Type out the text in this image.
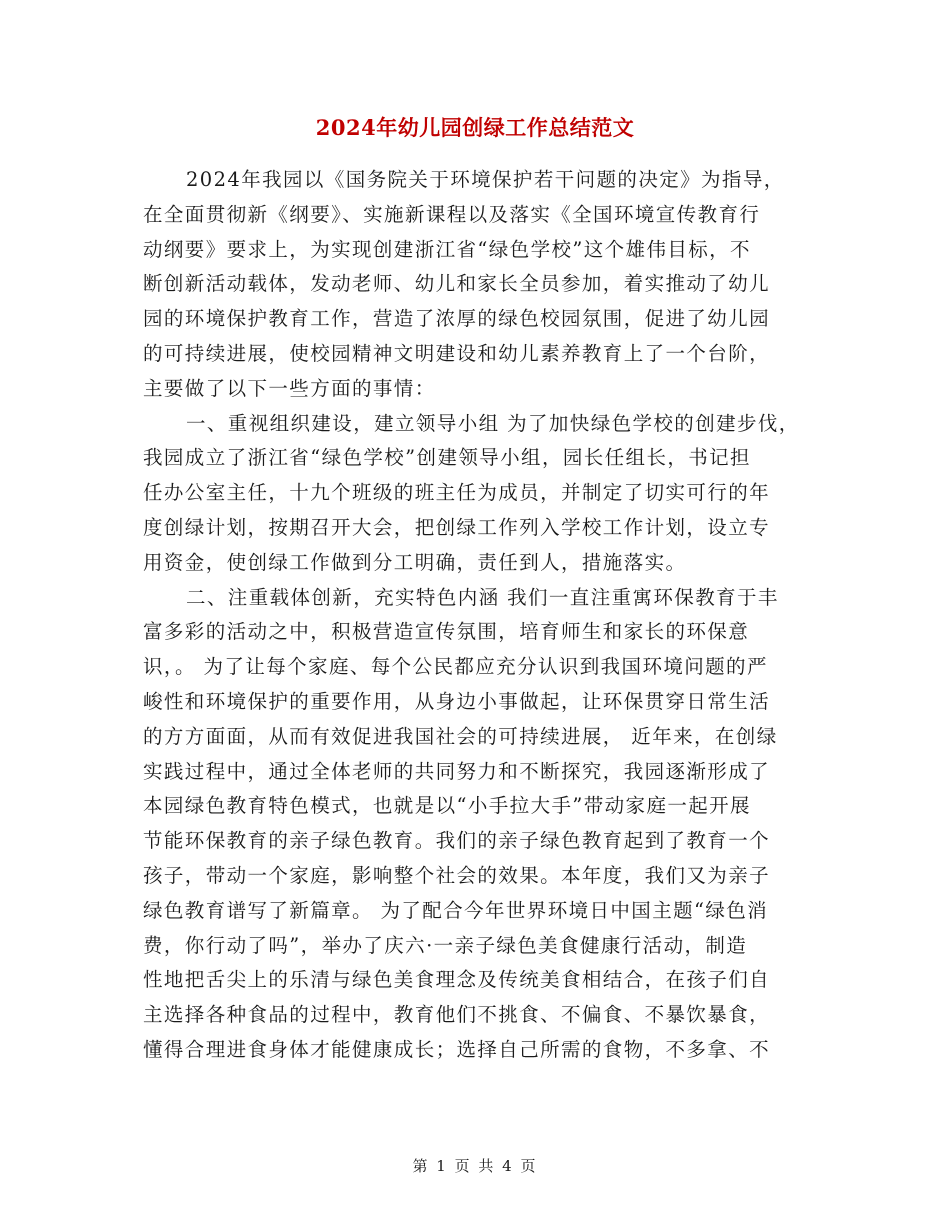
2024年幼儿园创绿工作总结范文
2024年我园以《国务院关于环境保护若干问题的决定》为指导，
在全面贯彻新《纲要》、实施新课程以及落实《全国环境宣传教育行
动纲要》要求上，为实现创建浙江省“绿色学校”这个雄伟目标，不
断创新活动载体，发动老师、幼儿和家长全员参加，着实推动了幼儿
园的环境保护教育工作，营造了浓厚的绿色校园氛围，促进了幼儿园
的可持续进展，使校园精神文明建设和幼儿素养教育上了一个台阶，
主要做了以下一些方面的事情：
一、重视组织建设，建立领导小组 为了加快绿色学校的创建步伐，
我园成立了浙江省“绿色学校”创建领导小组，园长任组长，书记担
任办公室主任，十九个班级的班主任为成员，并制定了切实可行的年
度创绿计划，按期召开大会，把创绿工作列入学校工作计划，设立专
用资金，使创绿工作做到分工明确，责任到人，措施落实。
二、注重载体创新，充实特色内涵 我们一直注重寓环保教育于丰
富多彩的活动之中，积极营造宣传氛围，培育师生和家长的环保意
识，。 为了让每个家庭、每个公民都应充分认识到我国环境问题的严
峻性和环境保护的重要作用，从身边小事做起，让环保贯穿日常生活
的方方面面，从而有效促进我国社会的可持续进展， 近年来，在创绿
实践过程中，通过全体老师的共同努力和不断探究，我园逐渐形成了
本园绿色教育特色模式，也就是以“小手拉大手”带动家庭一起开展
节能环保教育的亲子绿色教育。我们的亲子绿色教育起到了教育一个
孩子，带动一个家庭，影响整个社会的效果。本年度，我们又为亲子
绿色教育谱写了新篇章。 为了配合今年世界环境日中国主题“绿色消
费，你行动了吗”，举办了庆六·一亲子绿色美食健康行活动，制造
性地把舌尖上的乐清与绿色美食理念及传统美食相结合，在孩子们自
主选择各种食品的过程中，教育他们不挑食、不偏食、不暴饮暴食，
懂得合理进食身体才能健康成长；选择自己所需的食物，不多拿、不
第 1 页 共 4 页
